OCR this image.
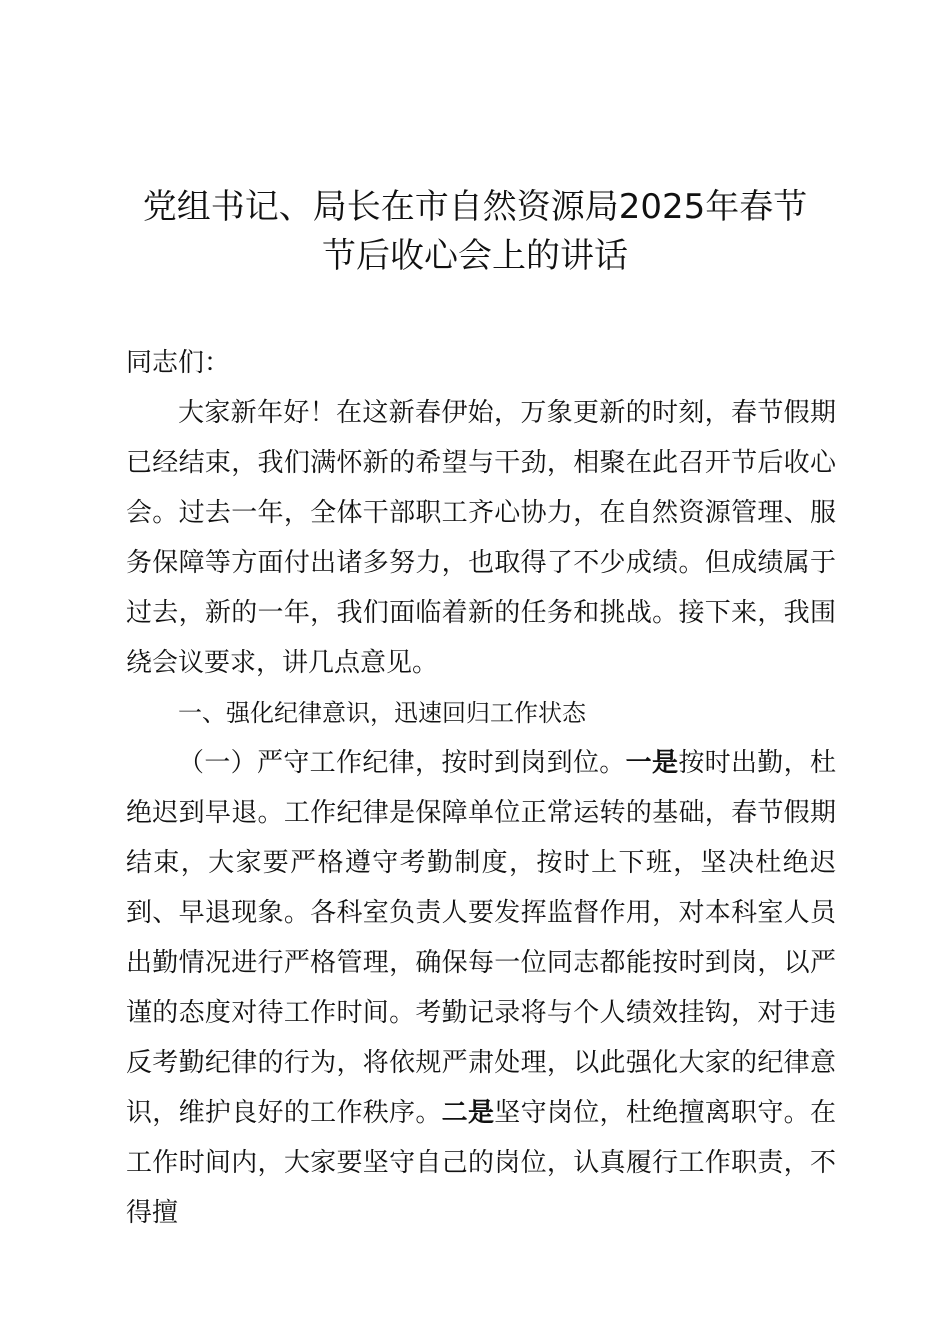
党组书记、局长在市自然资源局2025年春节
节后收心会上的讲话

同志们：

大家新年好！在这新春伊始，万象更新的时刻，春节假期已经结束，我们满怀新的希望与干劲，相聚在此召开节后收心会。过去一年，全体干部职工齐心协力，在自然资源管理、服务保障等方面付出诸多努力，也取得了不少成绩。但成绩属于过去，新的一年，我们面临着新的任务和挑战。接下来，我围绕会议要求，讲几点意见。

一、强化纪律意识，迅速回归工作状态

（一）严守工作纪律，按时到岗到位。一是按时出勤，杜绝迟到早退。工作纪律是保障单位正常运转的基础，春节假期结束，大家要严格遵守考勤制度，按时上下班，坚决杜绝迟到、早退现象。各科室负责人要发挥监督作用，对本科室人员出勤情况进行严格管理，确保每一位同志都能按时到岗，以严谨的态度对待工作时间。考勤记录将与个人绩效挂钩，对于违反考勤纪律的行为，将依规严肃处理，以此强化大家的纪律意识，维护良好的工作秩序。二是坚守岗位，杜绝擅离职守。在工作时间内，大家要坚守自己的岗位，认真履行工作职责，不得擅
